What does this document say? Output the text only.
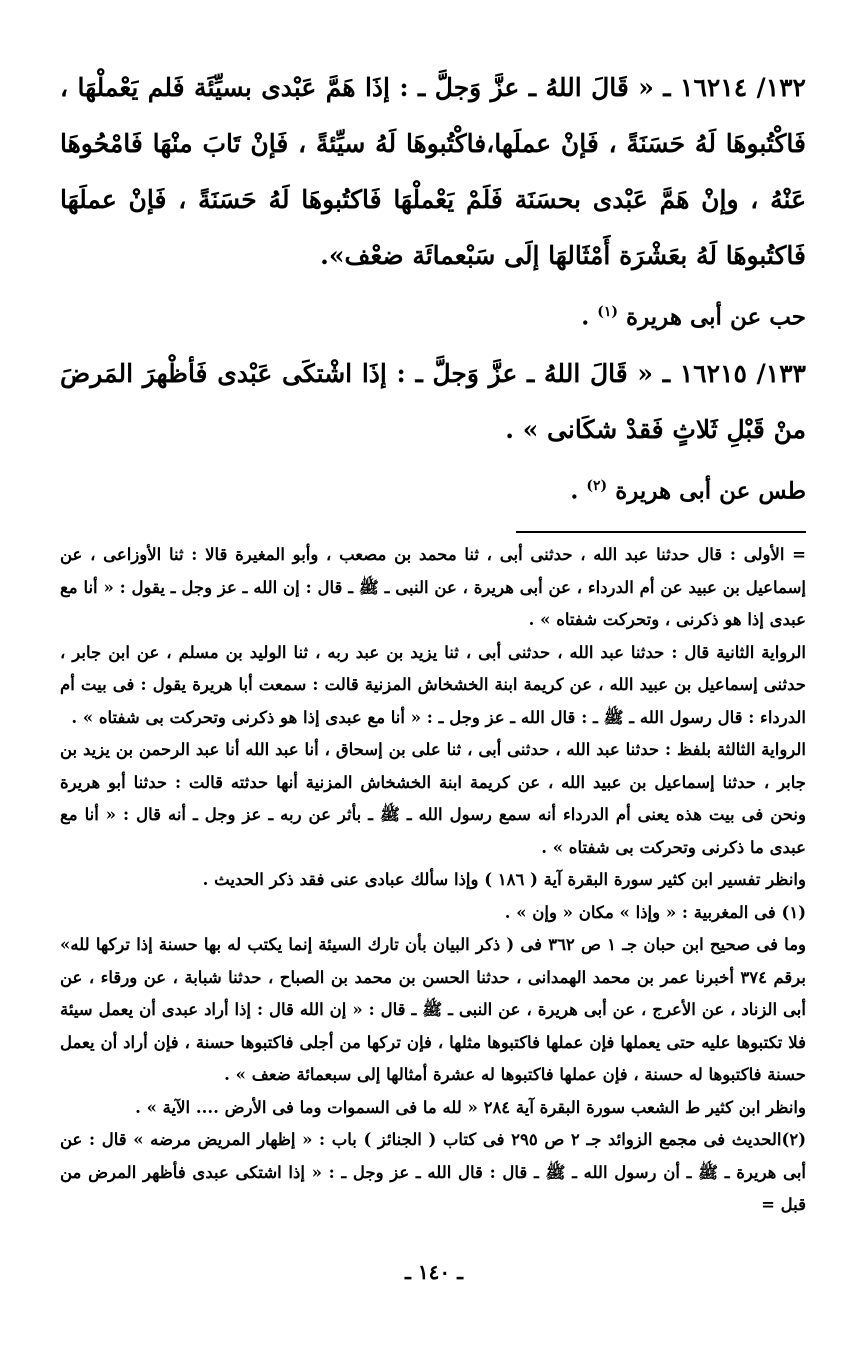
١٣٢/ ١٦٢١٤ ـ « قَالَ اللهُ ـ عزَّ وَجلَّ ـ : إذَا هَمَّ عَبْدى بسيِّئَة فَلم يَعْملْهَا ، فَاكْتُبوهَا لَهُ حَسَنَةً ، فَإنْ عملَها،فاكْتُبوهَا لَهُ سيِّئةً ، فَإنْ تَابَ منْهَا فَامْحُوهَا عَنْهُ ، وإنْ هَمَّ عَبْدى بحسَنَة فَلَمْ يَعْملْهَا فَاكتُبوهَا لَهُ حَسَنَةً ، فَإنْ عملَهَا فَاكتُبوهَا لَهُ بعَشْرَة أَمْثَالهَا إلَى سَبْعمائَة ضعْف».

حب عن أبى هريرة $^{(١)}$ .

١٣٣/ ١٦٢١٥ ـ « قَالَ اللهُ ـ عزَّ وَجلَّ ـ : إذَا اشْتكَى عَبْدى فَأظْهرَ المَرضَ منْ قَبْلِ ثَلاثٍ فَقدْ شكَانى » .

طس عن أبى هريرة $^{(٢)}$ .

= الأولى : قال حدثنا عبد الله ، حدثنى أبى ، ثنا محمد بن مصعب ، وأبو المغيرة قالا : ثنا الأوزاعى ، عن إسماعيل بن عبيد عن أم الدرداء ، عن أبى هريرة ، عن النبى ـ ﷺ ـ قال : إن الله ـ عز وجل ـ يقول : « أنا مع عبدى إذا هو ذكرنى ، وتحركت شفتاه » .

الرواية الثانية قال : حدثنا عبد الله ، حدثنى أبى ، ثنا يزيد بن عبد ربه ، ثنا الوليد بن مسلم ، عن ابن جابر ، حدثنى إسماعيل بن عبيد الله ، عن كريمة ابنة الخشخاش المزنية قالت : سمعت أبا هريرة يقول : فى بيت أم الدرداء : قال رسول الله ـ ﷺ ـ : قال الله ـ عز وجل ـ : « أنا مع عبدى إذا هو ذكرنى وتحركت بى شفتاه » .

الرواية الثالثة بلفظ : حدثنا عبد الله ، حدثنى أبى ، ثنا على بن إسحاق ، أنا عبد الله أنا عبد الرحمن بن يزيد بن جابر ، حدثنا إسماعيل بن عبيد الله ، عن كريمة ابنة الخشخاش المزنية أنها حدثته قالت : حدثنا أبو هريرة ونحن فى بيت هذه يعنى أم الدرداء أنه سمع رسول الله ـ ﷺ ـ بأثر عن ربه ـ عز وجل ـ أنه قال : « أنا مع عبدى ما ذكرنى وتحركت بى شفتاه » .

وانظر تفسير ابن كثير سورة البقرة آية ( ١٨٦ ) وإذا سألك عبادى عنى فقد ذكر الحديث .

(١) فى المغربية : « وإذا » مكان « وإن » .

وما فى صحيح ابن حبان جـ ١ ص ٣٦٢ فى ( ذكر البيان بأن تارك السيئة إنما يكتب له بها حسنة إذا تركها لله» برقم ٣٧٤ أخبرنا عمر بن محمد الهمدانى ، حدثنا الحسن بن محمد بن الصباح ، حدثنا شبابة ، عن ورقاء ، عن أبى الزناد ، عن الأعرج ، عن أبى هريرة ، عن النبى ـ ﷺ ـ قال : « إن الله قال : إذا أراد عبدى أن يعمل سيئة فلا تكتبوها عليه حتى يعملها فإن عملها فاكتبوها مثلها ، فإن تركها من أجلى فاكتبوها حسنة ، فإن أراد أن يعمل حسنة فاكتبوها له حسنة ، فإن عملها فاكتبوها له عشرة أمثالها إلى سبعمائة ضعف » .

وانظر ابن كثير ط الشعب سورة البقرة آية ٢٨٤ « لله ما فى السموات وما فى الأرض .... الآية » .

(٢)الحديث فى مجمع الزوائد جـ ٢ ص ٢٩٥ فى كتاب ( الجنائز ) باب : « إظهار المريض مرضه » قال : عن أبى هريرة ـ ﷺ ـ أن رسول الله ـ ﷺ ـ قال : قال الله ـ عز وجل ـ : « إذا اشتكى عبدى فأظهر المرض من قبل =

ـ ١٤٠ ـ
